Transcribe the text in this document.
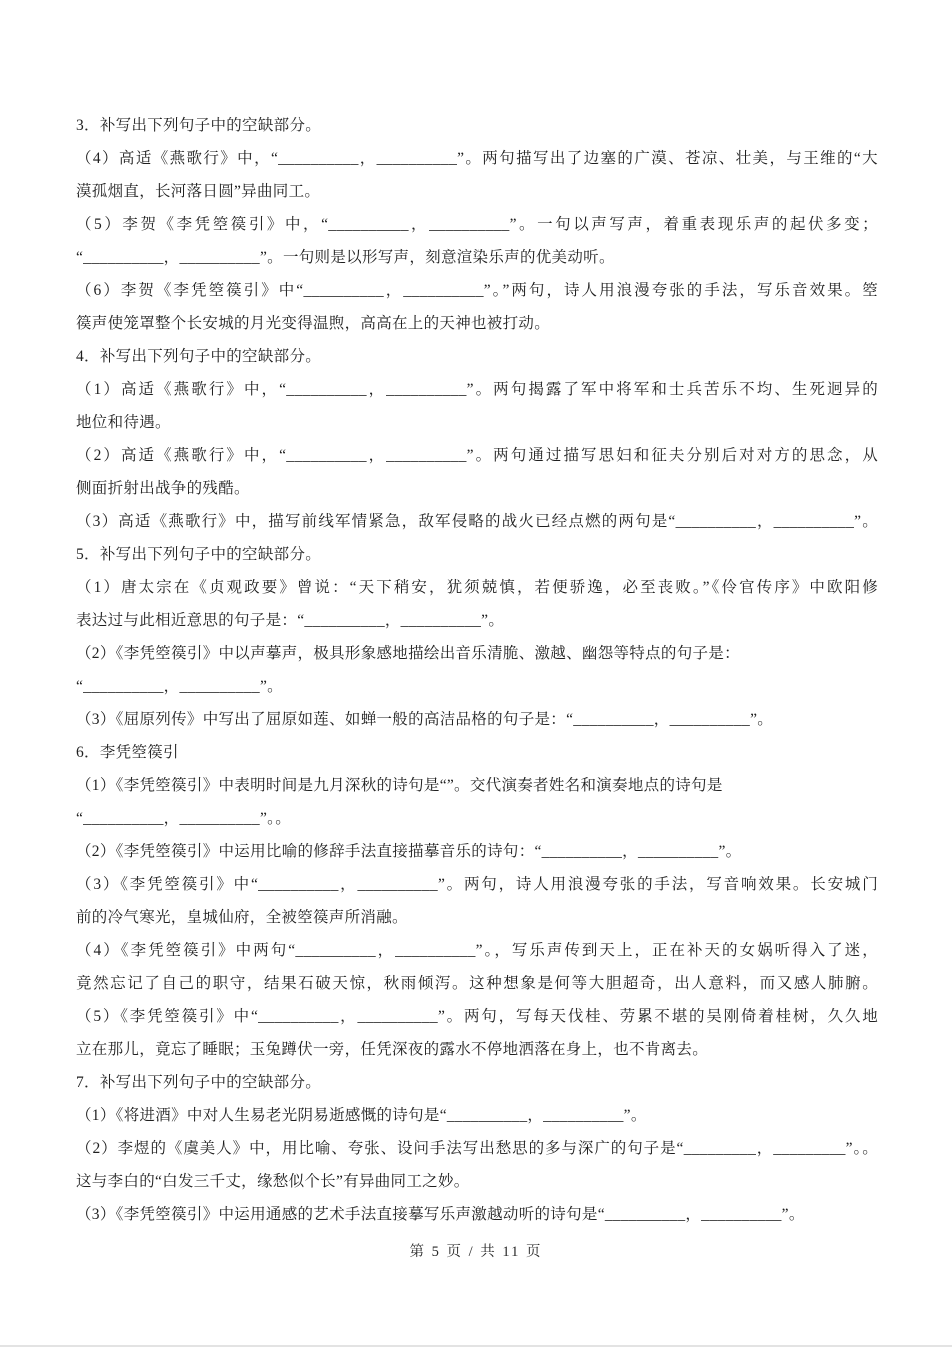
3．补写出下列句子中的空缺部分。
（4）高适《燕歌行》中，“__________，__________”。两句描写出了边塞的广漠、苍凉、壮美，与王维的“大
漠孤烟直，长河落日圆”异曲同工。
（5）李贺《李凭箜篌引》中，“__________，__________”。一句以声写声，着重表现乐声的起伏多变；
“__________，__________”。一句则是以形写声，刻意渲染乐声的优美动听。
（6）李贺《李凭箜篌引》中“__________，__________”。”两句，诗人用浪漫夸张的手法，写乐音效果。箜
篌声使笼罩整个长安城的月光变得温煦，高高在上的天神也被打动。
4．补写出下列句子中的空缺部分。
（1）高适《燕歌行》中，“__________，__________”。两句揭露了军中将军和士兵苦乐不均、生死迥异的
地位和待遇。
（2）高适《燕歌行》中，“__________，__________”。两句通过描写思妇和征夫分别后对对方的思念，从
侧面折射出战争的残酷。
（3）高适《燕歌行》中，描写前线军情紧急，敌军侵略的战火已经点燃的两句是“__________，__________”。
5．补写出下列句子中的空缺部分。
（1）唐太宗在《贞观政要》曾说：“天下稍安，犹须兢慎，若便骄逸，必至丧败。”《伶官传序》中欧阳修
表达过与此相近意思的句子是：“__________，__________”。
（2）《李凭箜篌引》中以声摹声，极具形象感地描绘出音乐清脆、激越、幽怨等特点的句子是：
“__________，__________”。
（3）《屈原列传》中写出了屈原如莲、如蝉一般的高洁品格的句子是：“__________，__________”。
6．李凭箜篌引
（1）《李凭箜篌引》中表明时间是九月深秋的诗句是“”。交代演奏者姓名和演奏地点的诗句是
“__________，__________”。。
（2）《李凭箜篌引》中运用比喻的修辞手法直接描摹音乐的诗句：“__________，__________”。
（3）《李凭箜篌引》中“__________，__________”。两句，诗人用浪漫夸张的手法，写音响效果。长安城门
前的冷气寒光，皇城仙府，全被箜篌声所消融。
（4）《李凭箜篌引》中两句“__________，__________”。，写乐声传到天上，正在补天的女娲听得入了迷，
竟然忘记了自己的职守，结果石破天惊，秋雨倾泻。这种想象是何等大胆超奇，出人意料，而又感人肺腑。
（5）《李凭箜篌引》中“__________，__________”。两句，写每天伐桂、劳累不堪的吴刚倚着桂树，久久地
立在那儿，竟忘了睡眠；玉兔蹲伏一旁，任凭深夜的露水不停地洒落在身上，也不肯离去。
7．补写出下列句子中的空缺部分。
（1）《将进酒》中对人生易老光阴易逝感慨的诗句是“__________，__________”。
（2）李煜的《虞美人》中，用比喻、夸张、设问手法写出愁思的多与深广的句子是“_________，_________”。。
这与李白的“白发三千丈，缘愁似个长”有异曲同工之妙。
（3）《李凭箜篌引》中运用通感的艺术手法直接摹写乐声激越动听的诗句是“__________，__________”。
第 5 页 / 共 11 页
